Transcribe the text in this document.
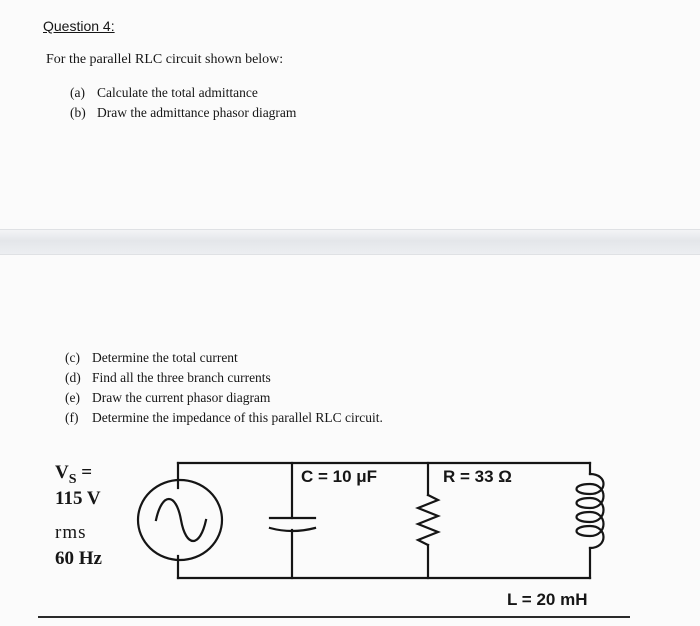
Question 4:
For the parallel RLC circuit shown below:
(a) Calculate the total admittance
(b) Draw the admittance phasor diagram
(c) Determine the total current
(d) Find all the three branch currents
(e) Draw the current phasor diagram
(f) Determine the impedance of this parallel RLC circuit.
$V_S$ =
115 V
rms
60 Hz
C = 10 μF	R = 33 Ω
L = 20 mH
